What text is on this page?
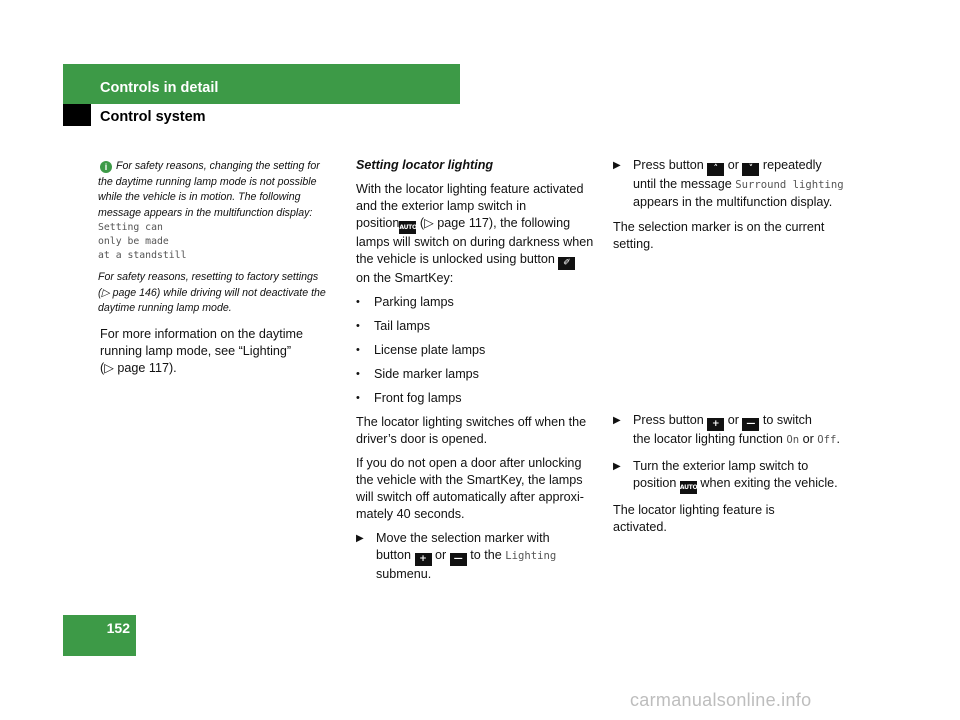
Controls in detail
Control system
i For safety reasons, changing the setting for
the daytime running lamp mode is not possible
while the vehicle is in motion. The following
message appears in the multifunction display:
Setting can
only be made
at a standstill
For safety reasons, resetting to factory settings
(▷ page 146) while driving will not deactivate the
daytime running lamp mode.

For more information on the daytime
running lamp mode, see “Lighting”
(▷ page 117).

Setting locator lighting

With the locator lighting feature activated
and the exterior lamp switch in
positionAUTO (▷ page 117), the following
lamps will switch on during darkness when
the vehicle is unlocked using button ✐
on the SmartKey:

•	Parking lamps
•	Tail lamps
•	License plate lamps
•	Side marker lamps
•	Front fog lamps

The locator lighting switches off when the
driver’s door is opened.

If you do not open a door after unlocking
the vehicle with the SmartKey, the lamps
will switch off automatically after approxi-
mately 40 seconds.

▶ Move the selection marker with
button + or — to the Lighting
submenu.
▶ Press button ˄ or ˅ repeatedly
until the message Surround lighting
appears in the multifunction display.

The selection marker is on the current
setting.

▶ Press button + or — to switch
the locator lighting function On or Off.
▶ Turn the exterior lamp switch to
position AUTO when exiting the vehicle.

The locator lighting feature is
activated.

152
carmanualsonline.info
